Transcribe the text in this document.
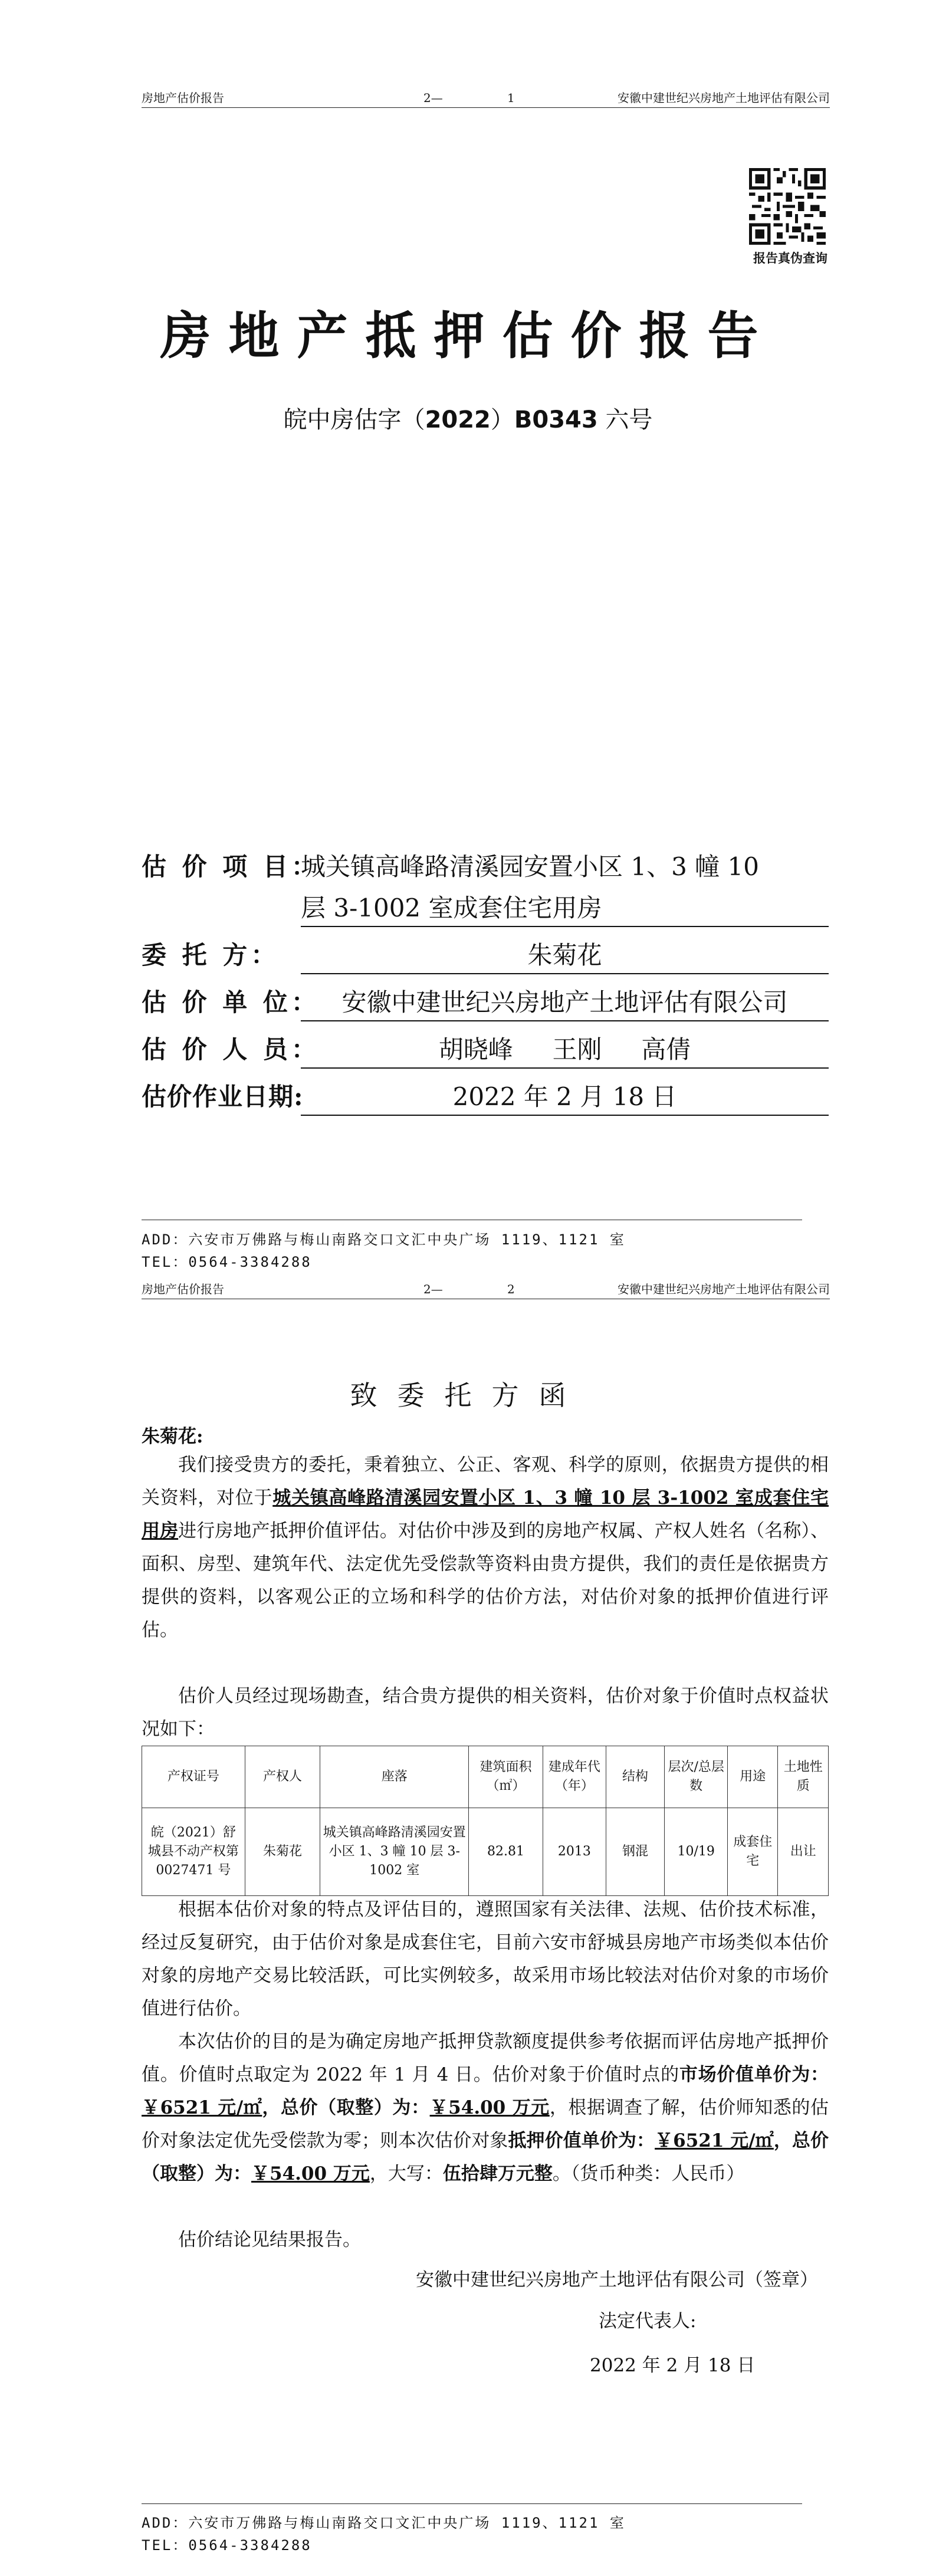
房地产估价报告	2—	1	安徽中建世纪兴房地产土地评估有限公司
报告真伪查询
房地产抵押估价报告
皖中房估字（2022）B0343 六号
估 价 项 目：
城关镇高峰路清溪园安置小区 1、3 幢 10
层 3-1002 室成套住宅用房
委 托 方：	朱菊花
估 价 单 位： 安徽中建世纪兴房地产土地评估有限公司
估 价 人 员：	胡晓峰     王刚     高倩
估价作业日期:	2022 年 2 月 18 日
ADD：六安市万佛路与梅山南路交口文汇中央广场 1119、1121 室
TEL：0564-3384288
房地产估价报告	2—	2	安徽中建世纪兴房地产土地评估有限公司
致委托方函
朱菊花:
我们接受贵方的委托，秉着独立、公正、客观、科学的原则，依据贵方提供的相关资料，对位于城关镇高峰路清溪园安置小区 1、3 幢 10 层 3-1002 室成套住宅用房进行房地产抵押价值评估。对估价中涉及到的房地产权属、产权人姓名（名称）、面积、房型、建筑年代、法定优先受偿款等资料由贵方提供，我们的责任是依据贵方提供的资料，以客观公正的立场和科学的估价方法，对估价对象的抵押价值进行评估。
估价人员经过现场勘查，结合贵方提供的相关资料，估价对象于价值时点权益状况如下：
产权证号	产权人	座落	建筑面积（㎡）	建成年代（年）	结构	层次/总层数	用途	土地性质
皖（2021）舒城县不动产权第 0027471 号	朱菊花	城关镇高峰路清溪园安置小区 1、3 幢 10 层 3-1002 室	82.81	2013	钢混	10/19	成套住宅	出让
根据本估价对象的特点及评估目的，遵照国家有关法律、法规、估价技术标准，经过反复研究，由于估价对象是成套住宅，目前六安市舒城县房地产市场类似本估价对象的房地产交易比较活跃，可比实例较多，故采用市场比较法对估价对象的市场价值进行估价。
本次估价的目的是为确定房地产抵押贷款额度提供参考依据而评估房地产抵押价值。价值时点取定为 2022 年 1 月 4 日。估价对象于价值时点的市场价值单价为：￥6521 元/㎡，总价（取整）为：￥54.00 万元，根据调查了解，估价师知悉的估价对象法定优先受偿款为零；则本次估价对象抵押价值单价为：￥6521 元/㎡，总价（取整）为：￥54.00 万元，大写：伍拾肆万元整。（货币种类：人民币）
估价结论见结果报告。
安徽中建世纪兴房地产土地评估有限公司（签章）
法定代表人:
2022 年 2 月 18 日
ADD：六安市万佛路与梅山南路交口文汇中央广场 1119、1121 室
TEL：0564-3384288
